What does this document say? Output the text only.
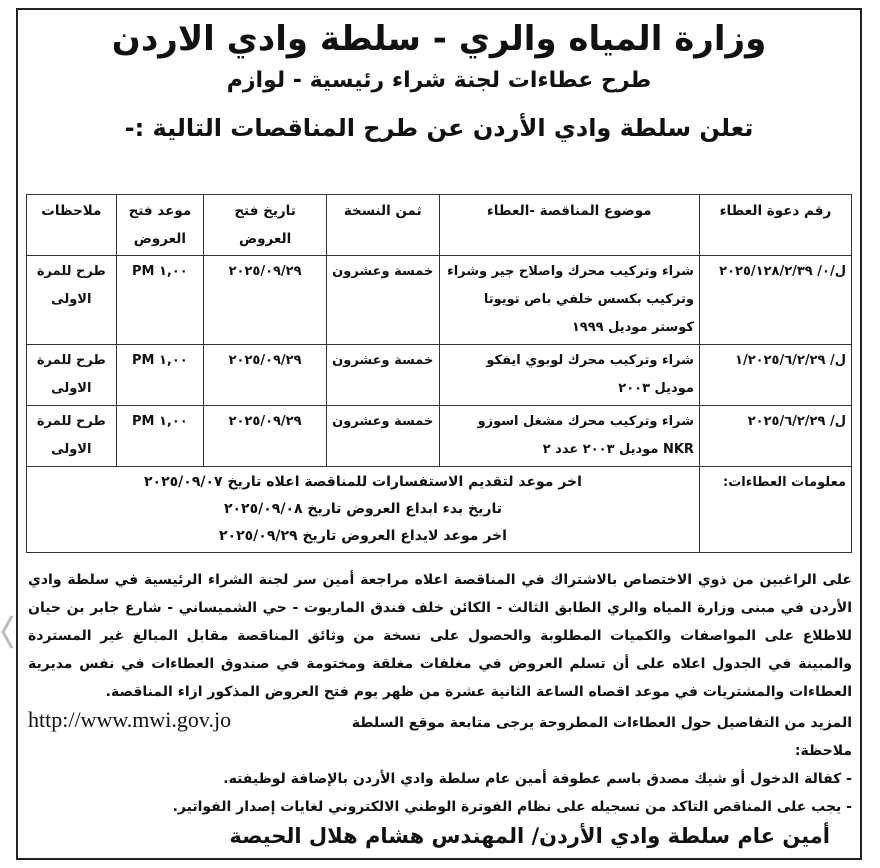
وزارة المياه والري - سلطة وادي الاردن
طرح عطاءات لجنة شراء رئيسية - لوازم
تعلن سلطة وادي الأردن عن طرح المناقصات التالية :-
رقم دعوة العطاء	موضوع المناقصة -العطاء	ثمن النسخة	تاريخ فتح العروض	موعد فتح العروض	ملاحظات
ل/٠/ ٢٠٢٥/١٢٨/٢/٣٩	شراء وتركيب محرك واصلاح جير وشراء وتركيب بكسس خلفي باص تويوتا كوستر موديل ١٩٩٩	خمسة وعشرون	٢٠٢٥/٠٩/٢٩	١,٠٠ PM	طرح للمرة الاولى
ل/ ١/٢٠٢٥/٦/٢/٢٩	شراء وتركيب محرك لوبوي ايفكو موديل ٢٠٠٣	خمسة وعشرون	٢٠٢٥/٠٩/٢٩	١,٠٠ PM	طرح للمرة الاولى
ل/ ٢٠٢٥/٦/٢/٢٩	شراء وتركيب محرك مشغل اسوزو NKR موديل ٢٠٠٣ عدد ٢	خمسة وعشرون	٢٠٢٥/٠٩/٢٩	١,٠٠ PM	طرح للمرة الاولى
معلومات العطاءات:	اخر موعد لتقديم الاستفسارات للمناقصة اعلاه تاريخ ٢٠٢٥/٠٩/٠٧
تاريخ بدء ابداع العروض تاريخ ٢٠٢٥/٠٩/٠٨
اخر موعد لايداع العروض تاريخ ٢٠٢٥/٠٩/٢٩				

على الراغبين من ذوي الاختصاص بالاشتراك في المناقصة اعلاه مراجعة أمين سر لجنة الشراء الرئيسية في سلطة وادي الأردن في مبنى وزارة المياه والري الطابق الثالث - الكائن خلف فندق الماريوت - حي الشميساني - شارع جابر بن حيان للاطلاع على المواصفات والكميات المطلوبة والحصول على نسخة من وثائق المناقصة مقابل المبالغ غير المستردة والمبينة في الجدول اعلاه على أن تسلم العروض في مغلفات مغلقة ومختومة في صندوق العطاءات في نفس مديرية العطاءات والمشتريات في موعد اقصاه الساعة الثانية عشرة من ظهر يوم فتح العروض المذكور ازاء المناقصة.

المزيد من التفاصيل حول العطاءات المطروحة يرجى متابعة موقع السلطة
http://www.mwi.gov.jo

ملاحظة:

- كفالة الدخول أو شيك مصدق باسم عطوفة أمين عام سلطة وادي الأردن بالإضافة لوظيفته.

- يجب على المناقص التاكد من تسجيله على نظام الفوترة الوطني الالكتروني لغايات إصدار الفواتير.

أمين عام سلطة وادي الأردن/ المهندس هشام هلال الحيصة
